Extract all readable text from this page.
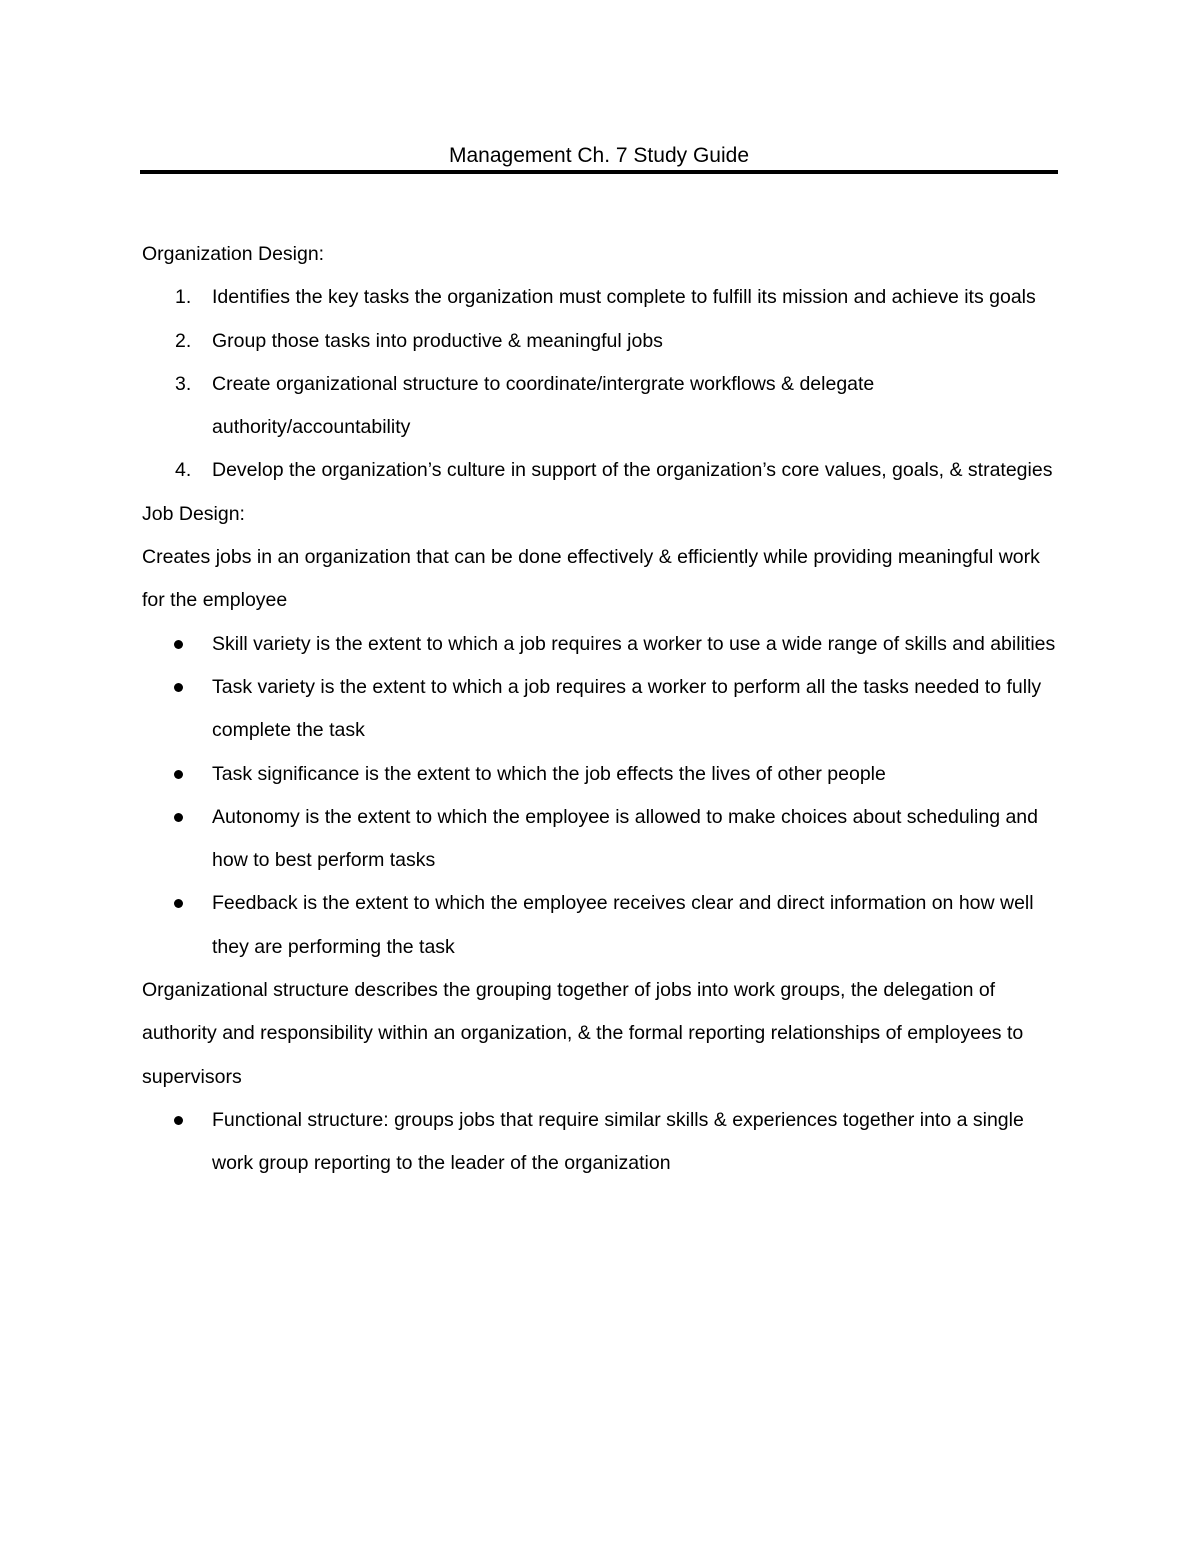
Management Ch. 7 Study Guide

Organization Design:

1. Identifies the key tasks the organization must complete to fulfill its mission and achieve its goals
2. Group those tasks into productive & meaningful jobs
3. Create organizational structure to coordinate/intergrate workflows & delegate authority/accountability
4. Develop the organization’s culture in support of the organization’s core values, goals, & strategies

Job Design:

Creates jobs in an organization that can be done effectively & efficiently while providing meaningful work for the employee

Skill variety is the extent to which a job requires a worker to use a wide range of skills and abilities
Task variety is the extent to which a job requires a worker to perform all the tasks needed to fully complete the task
Task significance is the extent to which the job effects the lives of other people
Autonomy is the extent to which the employee is allowed to make choices about scheduling and how to best perform tasks
Feedback is the extent to which the employee receives clear and direct information on how well they are performing the task

Organizational structure describes the grouping together of jobs into work groups, the delegation of authority and responsibility within an organization, & the formal reporting relationships of employees to supervisors

Functional structure: groups jobs that require similar skills & experiences together into a single work group reporting to the leader of the organization
